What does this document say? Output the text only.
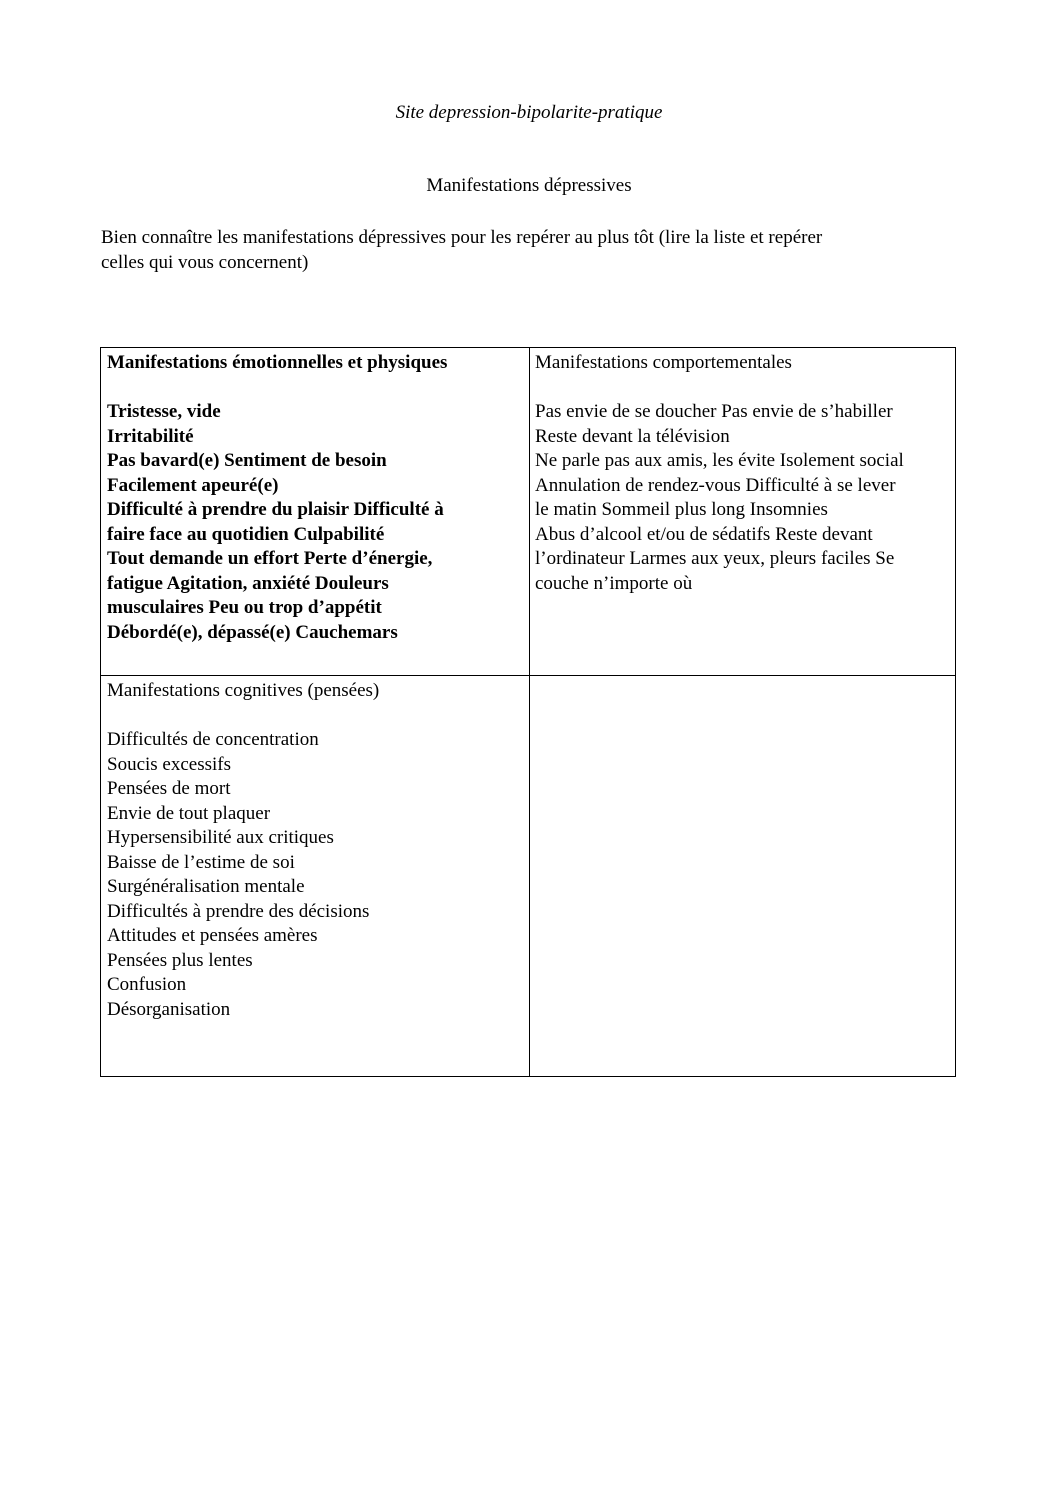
Site depression-bipolarite-pratique

Manifestations dépressives

Bien connaître les manifestations dépressives pour les repérer au plus tôt (lire la liste et repérer
celles qui vous concernent)

Manifestations émotionnelles et physiques

Tristesse, vide
Irritabilité
Pas bavard(e) Sentiment de besoin
Facilement apeuré(e)
Difficulté à prendre du plaisir Difficulté à
faire face au quotidien Culpabilité
Tout demande un effort Perte d’énergie,
fatigue Agitation, anxiété Douleurs
musculaires Peu ou trop d’appétit
Débordé(e), dépassé(e) Cauchemars

Manifestations comportementales

Pas envie de se doucher Pas envie de s’habiller
Reste devant la télévision
Ne parle pas aux amis, les évite Isolement social
Annulation de rendez-vous Difficulté à se lever
le matin Sommeil plus long Insomnies
Abus d’alcool et/ou de sédatifs Reste devant
l’ordinateur Larmes aux yeux, pleurs faciles Se
couche n’importe où

Manifestations cognitives (pensées)

Difficultés de concentration
Soucis excessifs
Pensées de mort
Envie de tout plaquer
Hypersensibilité aux critiques
Baisse de l’estime de soi
Surgénéralisation mentale
Difficultés à prendre des décisions
Attitudes et pensées amères
Pensées plus lentes
Confusion
Désorganisation
